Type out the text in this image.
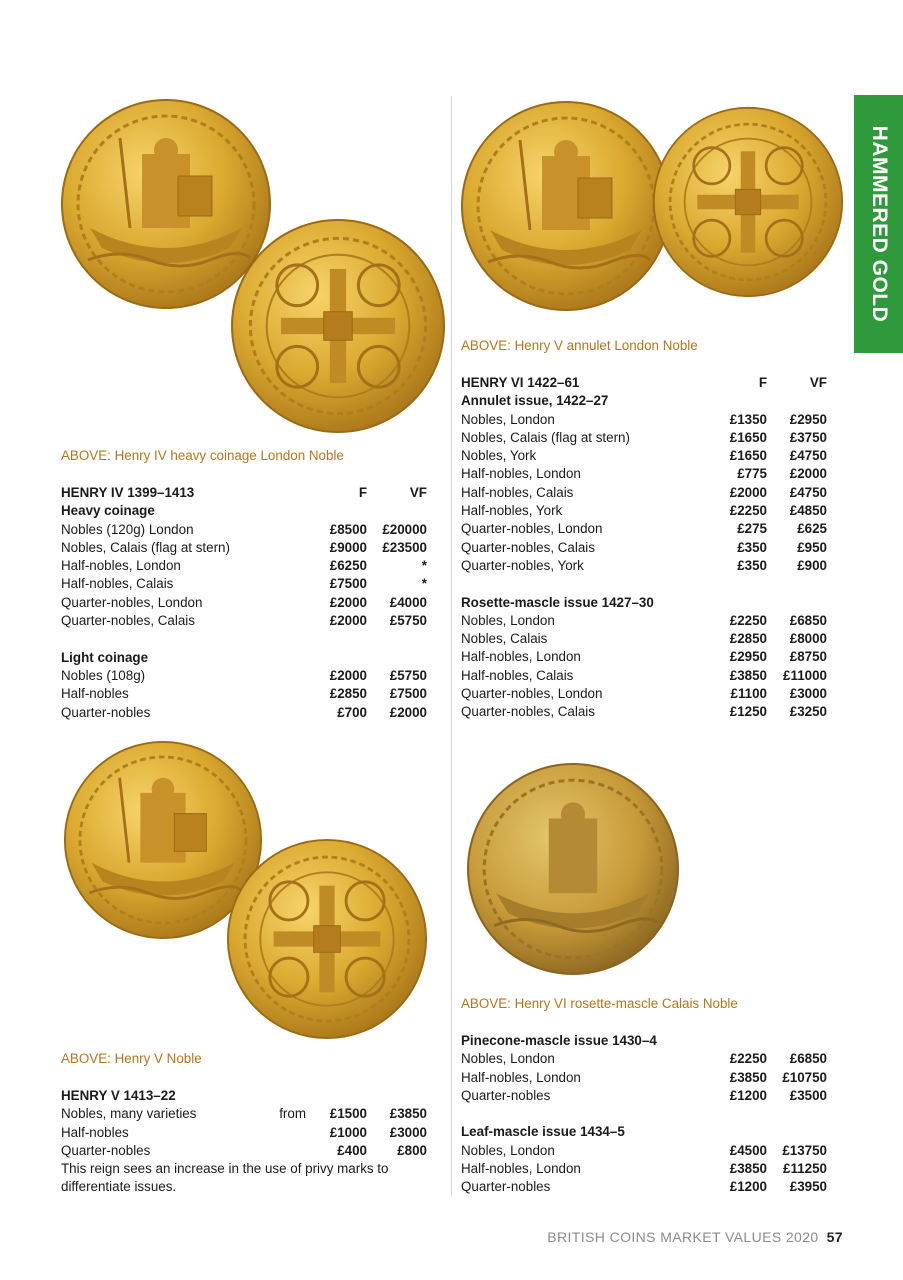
HAMMERED GOLD
ABOVE: Henry IV heavy coinage London Noble
ABOVE: Henry V annulet London Noble
ABOVE: Henry V Noble
ABOVE: Henry VI rosette-mascle Calais Noble
HENRY IV 1399–1413	F	VF
Heavy coinage
Nobles (120g) London	£8500 £20000
Nobles, Calais (flag at stern)	£9000 £23500
Half-nobles, London	£6250	*
Half-nobles, Calais	£7500	*
Quarter-nobles, London	£2000 £4000
Quarter-nobles, Calais	£2000 £5750
Light coinage
Nobles (108g)	£2000 £5750
Half-nobles	£2850 £7500
Quarter-nobles	£700 £2000
HENRY V 1413–22
Nobles, many varieties	from £1500 £3850
Half-nobles	£1000 £3000
Quarter-nobles	£400 £800
This reign sees an increase in the use of privy marks to
differentiate issues.
HENRY VI 1422–61	F	VF
Annulet issue, 1422–27
Nobles, London	£1350 £2950
Nobles, Calais (flag at stern)	£1650 £3750
Nobles, York	£1650 £4750
Half-nobles, London	£775 £2000
Half-nobles, Calais	£2000 £4750
Half-nobles, York	£2250 £4850
Quarter-nobles, London	£275 £625
Quarter-nobles, Calais	£350 £950
Quarter-nobles, York	£350 £900
Rosette-mascle issue 1427–30
Nobles, London	£2250 £6850
Nobles, Calais	£2850 £8000
Half-nobles, London	£2950 £8750
Half-nobles, Calais	£3850 £11000
Quarter-nobles, London	£1100 £3000
Quarter-nobles, Calais	£1250 £3250
Pinecone-mascle issue 1430–4
Nobles, London	£2250 £6850
Half-nobles, London	£3850 £10750
Quarter-nobles	£1200 £3500
Leaf-mascle issue 1434–5
Nobles, London	£4500 £13750
Half-nobles, London	£3850 £11250
Quarter-nobles	£1200 £3950
BRITISH COINS MARKET VALUES 2020 57
